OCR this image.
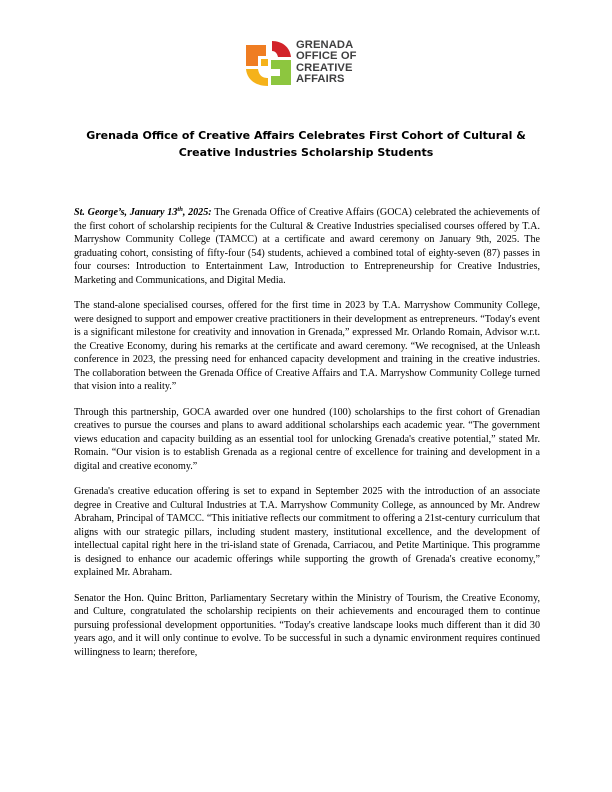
GRENADA
OFFICE OF
CREATIVE
AFFAIRS
Grenada Office of Creative Affairs Celebrates First Cohort of Cultural &
Creative Industries Scholarship Students

St. George’s, January 13th, 2025: The Grenada Office of Creative Affairs (GOCA) celebrated the achievements of the first cohort of scholarship recipients for the Cultural & Creative Industries specialised courses offered by T.A. Marryshow Community College (TAMCC) at a certificate and award ceremony on January 9th, 2025. The graduating cohort, consisting of fifty-four (54) students, achieved a combined total of eighty-seven (87) passes in four courses: Introduction to Entertainment Law, Introduction to Entrepreneurship for Creative Industries, Marketing and Communications, and Digital Media.

The stand-alone specialised courses, offered for the first time in 2023 by T.A. Marryshow Community College, were designed to support and empower creative practitioners in their development as entrepreneurs. “Today's event is a significant milestone for creativity and innovation in Grenada,” expressed Mr. Orlando Romain, Advisor w.r.t. the Creative Economy, during his remarks at the certificate and award ceremony. “We recognised, at the Unleash conference in 2023, the pressing need for enhanced capacity development and training in the creative industries. The collaboration between the Grenada Office of Creative Affairs and T.A. Marryshow Community College turned that vision into a reality.”

Through this partnership, GOCA awarded over one hundred (100) scholarships to the first cohort of Grenadian creatives to pursue the courses and plans to award additional scholarships each academic year. “The government views education and capacity building as an essential tool for unlocking Grenada's creative potential,” stated Mr. Romain. “Our vision is to establish Grenada as a regional centre of excellence for training and development in a digital and creative economy.”

Grenada's creative education offering is set to expand in September 2025 with the introduction of an associate degree in Creative and Cultural Industries at T.A. Marryshow Community College, as announced by Mr. Andrew Abraham, Principal of TAMCC. “This initiative reflects our commitment to offering a 21st-century curriculum that aligns with our strategic pillars, including student mastery, institutional excellence, and the development of intellectual capital right here in the tri-island state of Grenada, Carriacou, and Petite Martinique. This programme is designed to enhance our academic offerings while supporting the growth of Grenada's creative economy,” explained Mr. Abraham.

Senator the Hon. Quinc Britton, Parliamentary Secretary within the Ministry of Tourism, the Creative Economy, and Culture, congratulated the scholarship recipients on their achievements and encouraged them to continue pursuing professional development opportunities. “Today's creative landscape looks much different than it did 30 years ago, and it will only continue to evolve. To be successful in such a dynamic environment requires continued willingness to learn; therefore,
